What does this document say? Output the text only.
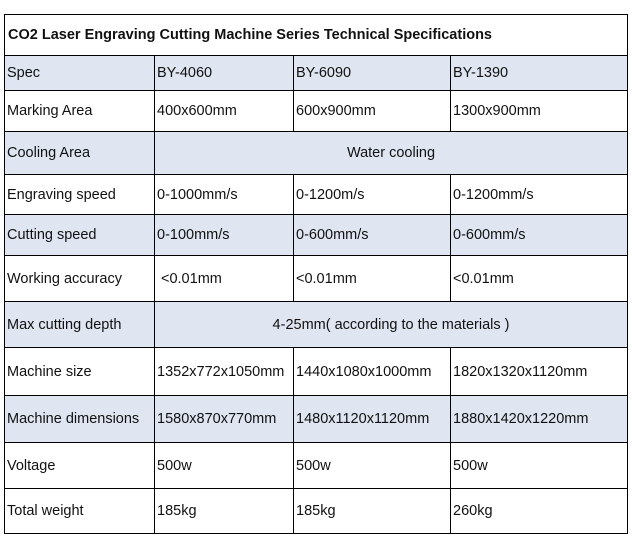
CO2 Laser Engraving Cutting Machine Series Technical Specifications			
Spec	BY-4060	BY-6090	BY-1390
Marking Area	400x600mm	600x900mm	1300x900mm
Cooling Area	Water cooling		
Engraving speed	0-1000mm/s	0-1200m/s	0-1200mm/s
Cutting speed	0-100mm/s	0-600mm/s	0-600mm/s
Working accuracy	<0.01mm	<0.01mm	<0.01mm
Max cutting depth	4-25mm( according to the materials )		
Machine size	1352x772x1050mm	1440x1080x1000mm	1820x1320x1120mm
Machine dimensions	1580x870x770mm	1480x1120x1120mm	1880x1420x1220mm
Voltage	500w	500w	500w
Total weight	185kg	185kg	260kg
